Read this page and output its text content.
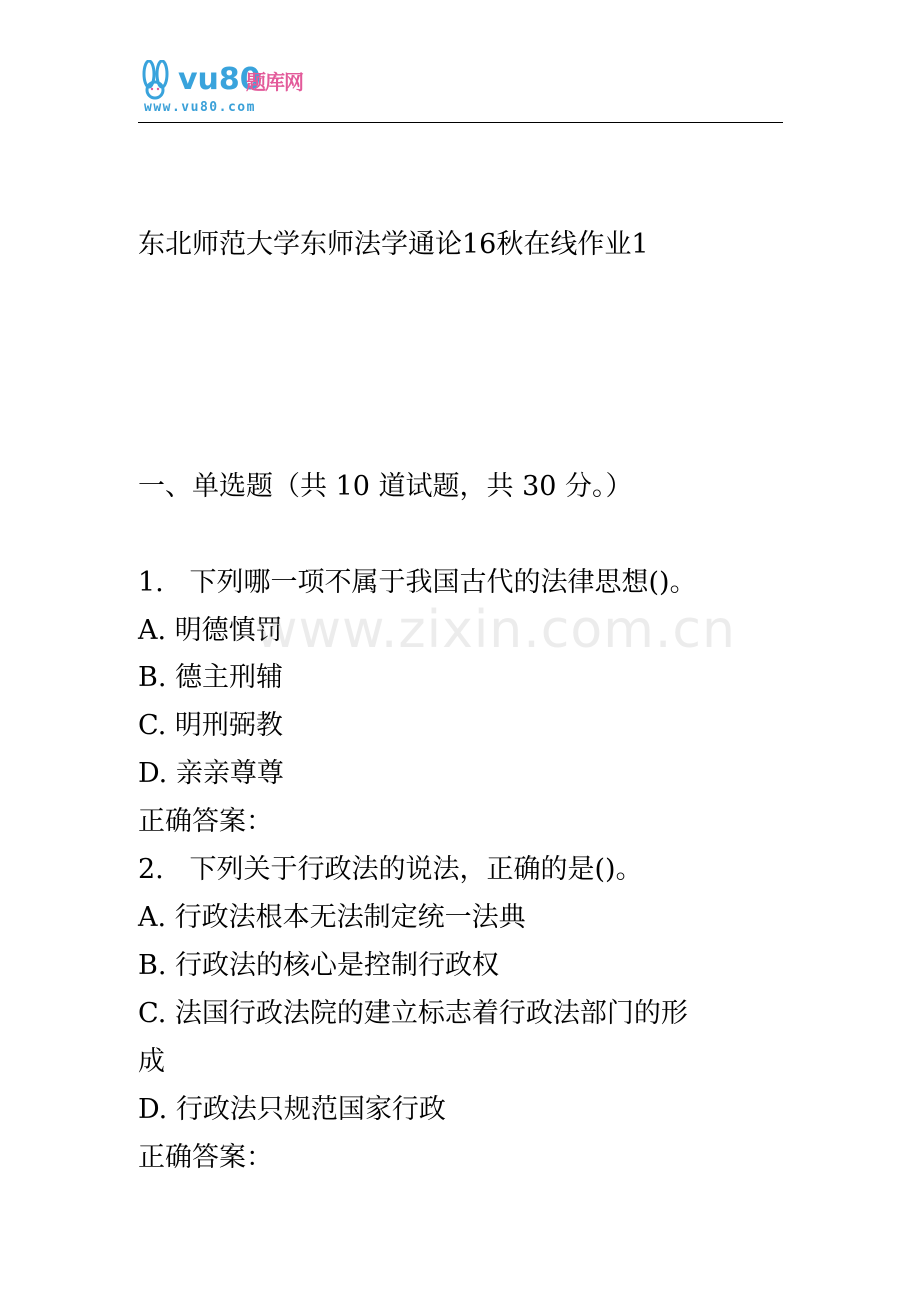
vu80
题库网
www.vu80.com
东北师范大学东师法学通论16秋在线作业1
一、单选题（共 10 道试题，共 30 分。）
1. 下列哪一项不属于我国古代的法律思想()。
A. 明德慎罚
B. 德主刑辅
C. 明刑弼教
D. 亲亲尊尊
正确答案：
2. 下列关于行政法的说法，正确的是()。
A. 行政法根本无法制定统一法典
B. 行政法的核心是控制行政权
C. 法国行政法院的建立标志着行政法部门的形
成
D. 行政法只规范国家行政
正确答案：
www.zixin.com.cn
